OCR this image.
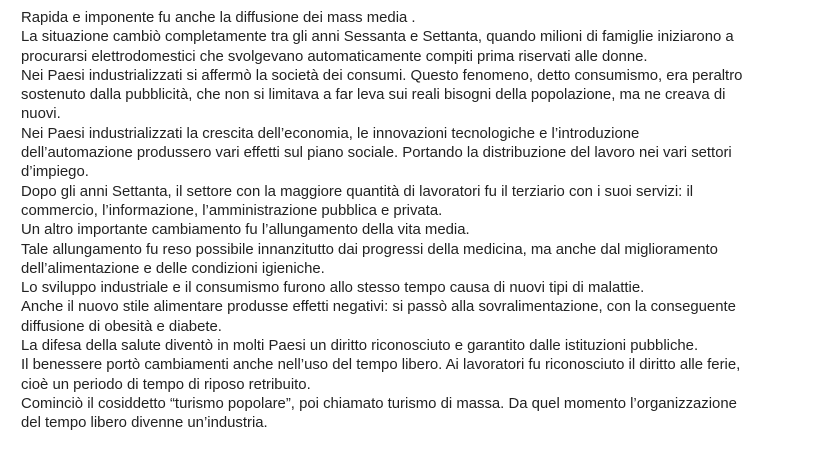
Rapida e imponente fu anche la diffusione dei mass media .

La situazione cambiò completamente tra gli anni Sessanta e Settanta, quando milioni di famiglie iniziarono a
procurarsi elettrodomestici che svolgevano automaticamente compiti prima riservati alle donne.

Nei Paesi industrializzati si affermò la società dei consumi. Questo fenomeno, detto consumismo, era peraltro
sostenuto dalla pubblicità, che non si limitava a far leva sui reali bisogni della popolazione, ma ne creava di
nuovi.

Nei Paesi industrializzati la crescita dell’economia, le innovazioni tecnologiche e l’introduzione
dell’automazione produssero vari effetti sul piano sociale. Portando la distribuzione del lavoro nei vari settori
d’impiego.

Dopo gli anni Settanta, il settore con la maggiore quantità di lavoratori fu il terziario con i suoi servizi: il
commercio, l’informazione, l’amministrazione pubblica e privata.

Un altro importante cambiamento fu l’allungamento della vita media.

Tale allungamento fu reso possibile innanzitutto dai progressi della medicina, ma anche dal miglioramento
dell’alimentazione e delle condizioni igieniche.

Lo sviluppo industriale e il consumismo furono allo stesso tempo causa di nuovi tipi di malattie.

Anche il nuovo stile alimentare produsse effetti negativi: si passò alla sovralimentazione, con la conseguente
diffusione di obesità e diabete.

La difesa della salute diventò in molti Paesi un diritto riconosciuto e garantito dalle istituzioni pubbliche.

Il benessere portò cambiamenti anche nell’uso del tempo libero. Ai lavoratori fu riconosciuto il diritto alle ferie,
cioè un periodo di tempo di riposo retribuito.

Cominciò il cosiddetto “turismo popolare”, poi chiamato turismo di massa. Da quel momento l’organizzazione
del tempo libero divenne un’industria.
